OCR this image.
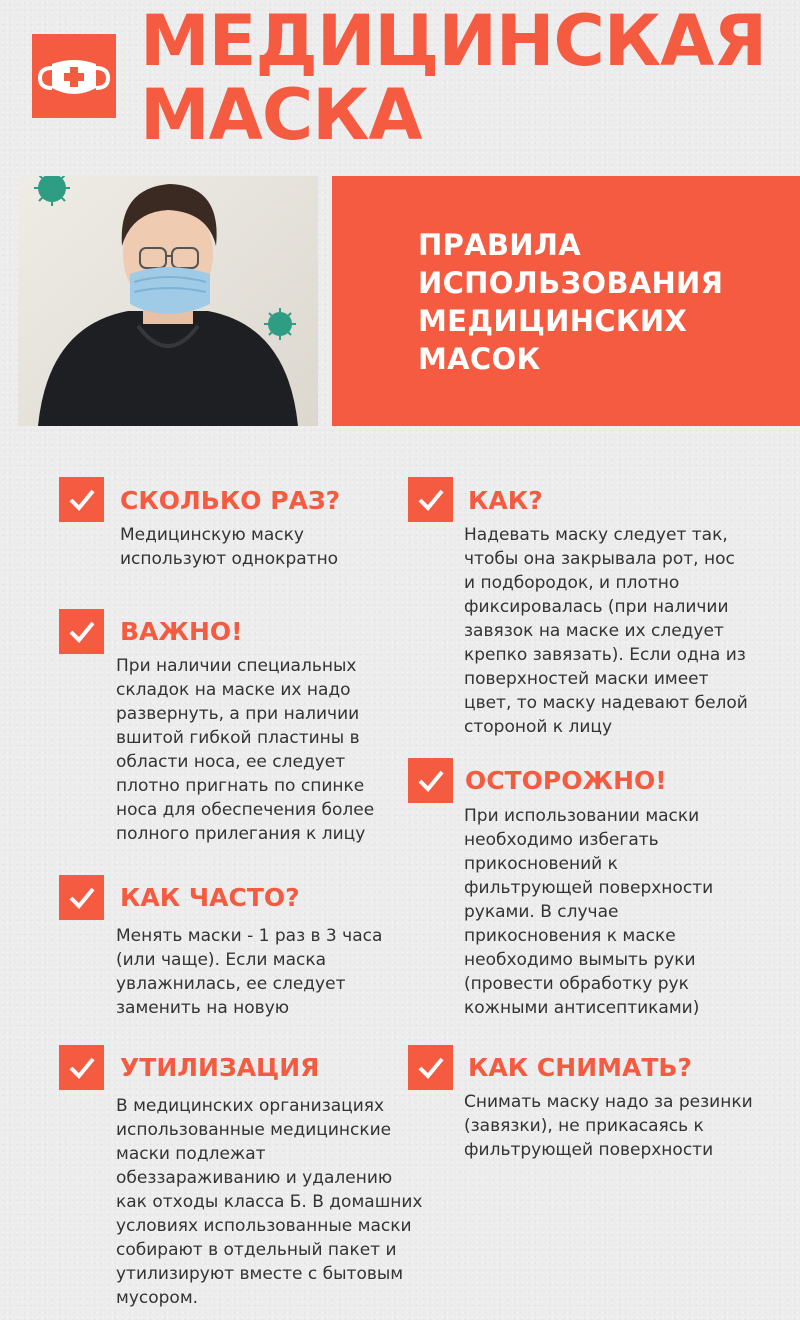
МЕДИЦИНСКАЯ
МАСКА
ПРАВИЛА
ИСПОЛЬЗОВАНИЯ
МЕДИЦИНСКИХ
МАСОК
СКОЛЬКО РАЗ?
Медицинскую маску
используют однократно
ВАЖНО!
При наличии специальных
складок на маске их надо
развернуть, а при наличии
вшитой гибкой пластины в
области носа, ее следует
плотно пригнать по спинке
носа для обеспечения более
полного прилегания к лицу
КАК ЧАСТО?
Менять маски - 1 раз в 3 часа
(или чаще). Если маска
увлажнилась, ее следует
заменить на новую
УТИЛИЗАЦИЯ
В медицинских организациях
использованные медицинские
маски подлежат
обеззараживанию и удалению
как отходы класса Б. В домашних
условиях использованные маски
собирают в отдельный пакет и
утилизируют вместе с бытовым
мусором.
КАК?
Надевать маску следует так,
чтобы она закрывала рот, нос
и подбородок, и плотно
фиксировалась (при наличии
завязок на маске их следует
крепко завязать). Если одна из
поверхностей маски имеет
цвет, то маску надевают белой
стороной к лицу
ОСТОРОЖНО!
При использовании маски
необходимо избегать
прикосновений к
фильтрующей поверхности
руками. В случае
прикосновения к маске
необходимо вымыть руки
(провести обработку рук
кожными антисептиками)
КАК СНИМАТЬ?
Снимать маску надо за резинки
(завязки), не прикасаясь к
фильтрующей поверхности
